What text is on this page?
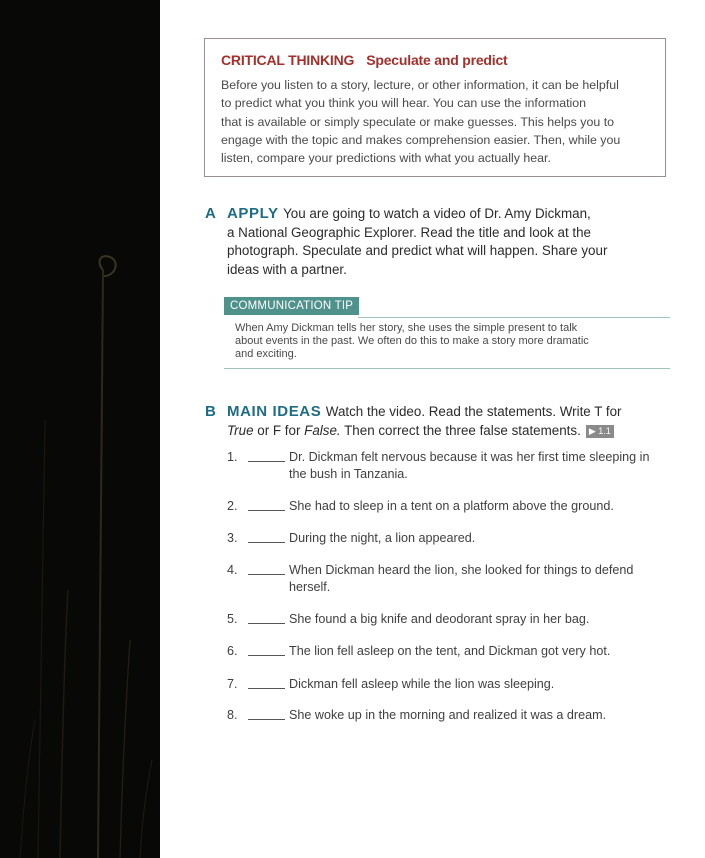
CRITICAL THINKING Speculate and predict
Before you listen to a story, lecture, or other information, it can be helpful
to predict what you think you will hear. You can use the information
that is available or simply speculate or make guesses. This helps you to
engage with the topic and makes comprehension easier. Then, while you
listen, compare your predictions with what you actually hear.
A APPLY You are going to watch a video of Dr. Amy Dickman,
a National Geographic Explorer. Read the title and look at the
photograph. Speculate and predict what will happen. Share your
ideas with a partner.
COMMUNICATION TIP
When Amy Dickman tells her story, she uses the simple present to talk
about events in the past. We often do this to make a story more dramatic
and exciting.
B MAIN IDEAS Watch the video. Read the statements. Write T for
True or F for False. Then correct the three false statements. ▶ 1.1
1.	Dr. Dickman felt nervous because it was her first time sleeping in the bush in Tanzania.
2.	She had to sleep in a tent on a platform above the ground.
3.	During the night, a lion appeared.
4.	When Dickman heard the lion, she looked for things to defend herself.
5.	She found a big knife and deodorant spray in her bag.
6.	The lion fell asleep on the tent, and Dickman got very hot.
7.	Dickman fell asleep while the lion was sleeping.
8.	She woke up in the morning and realized it was a dream.
